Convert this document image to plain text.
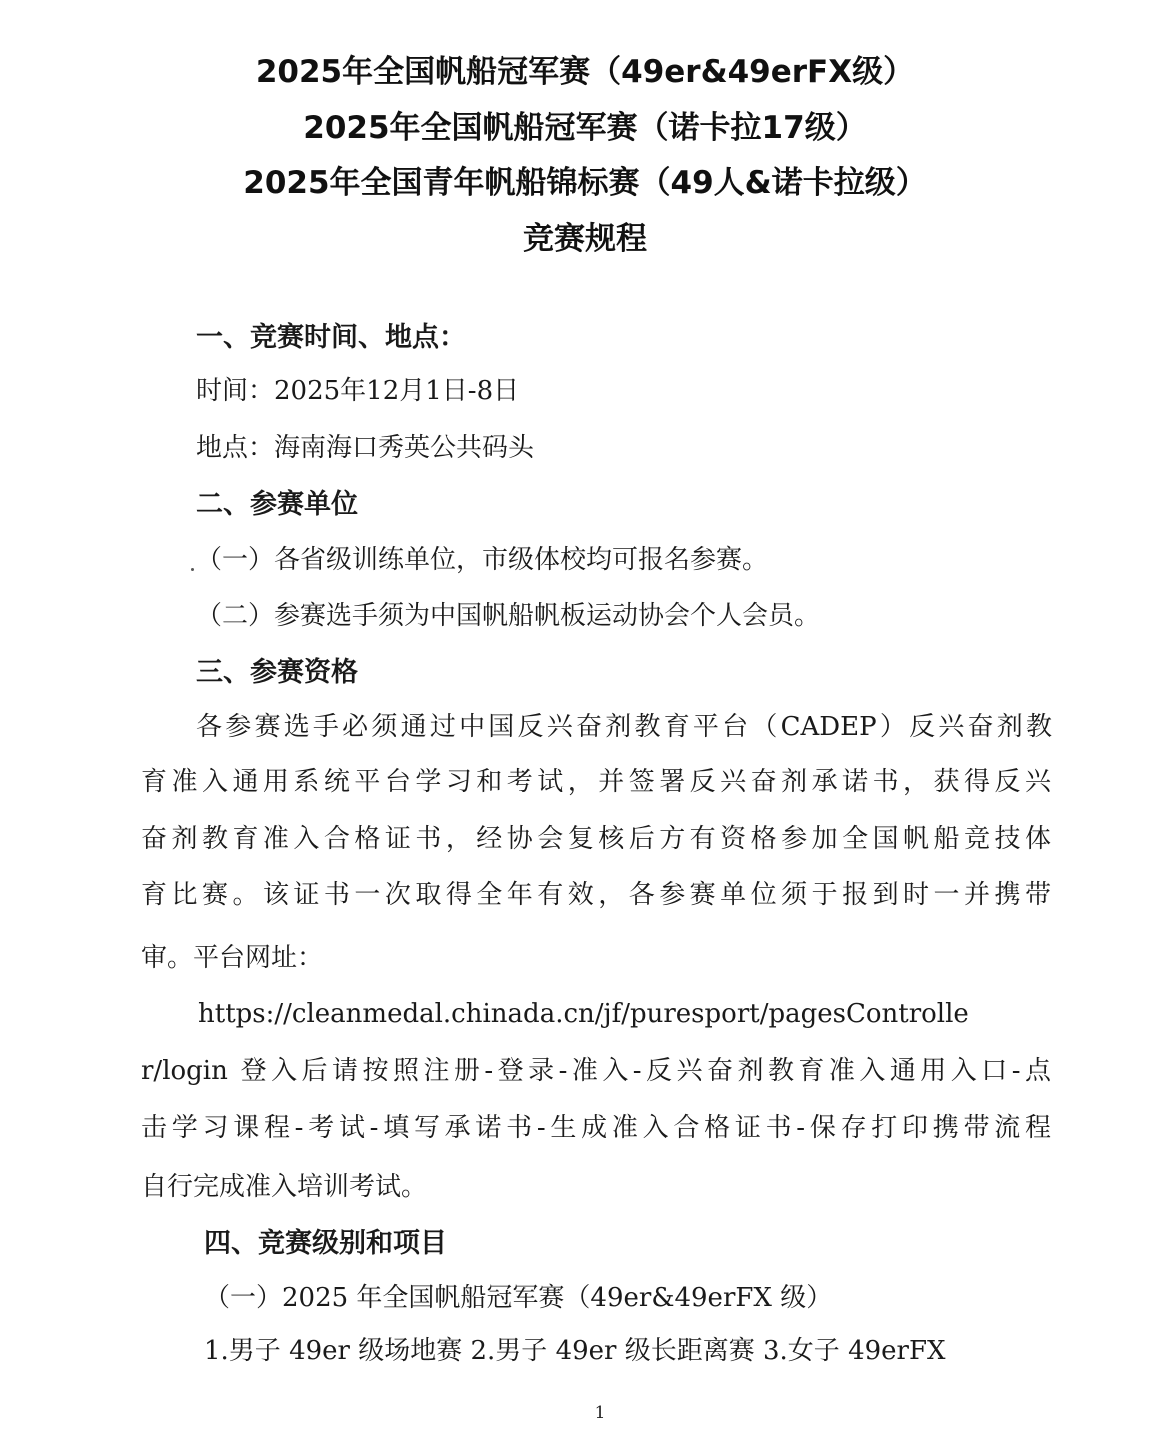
2025年全国帆船冠军赛（49er&49erFX级）
2025年全国帆船冠军赛（诺卡拉17级）
2025年全国青年帆船锦标赛（49人&诺卡拉级）
竞赛规程
一、竞赛时间、地点：
时间：2025年12月1日-8日
地点：海南海口秀英公共码头
二、参赛单位
（一）各省级训练单位，市级体校均可报名参赛。
（二）参赛选手须为中国帆船帆板运动协会个人会员。
三、参赛资格
各参赛选手必须通过中国反兴奋剂教育平台（CADEP）反兴奋剂教
育准入通用系统平台学习和考试，并签署反兴奋剂承诺书，获得反兴
奋剂教育准入合格证书，经协会复核后方有资格参加全国帆船竞技体
育比赛。该证书一次取得全年有效，各参赛单位须于报到时一并携带
审。平台网址：
https://cleanmedal.chinada.cn/jf/puresport/pagesControlle
r/login 登入后请按照注册-登录-准入-反兴奋剂教育准入通用入口-点
击学习课程-考试-填写承诺书-生成准入合格证书-保存打印携带流程
自行完成准入培训考试。
四、竞赛级别和项目
（一）2025 年全国帆船冠军赛（49er&49erFX 级）
1.男子 49er 级场地赛 2.男子 49er 级长距离赛 3.女子 49erFX
1
